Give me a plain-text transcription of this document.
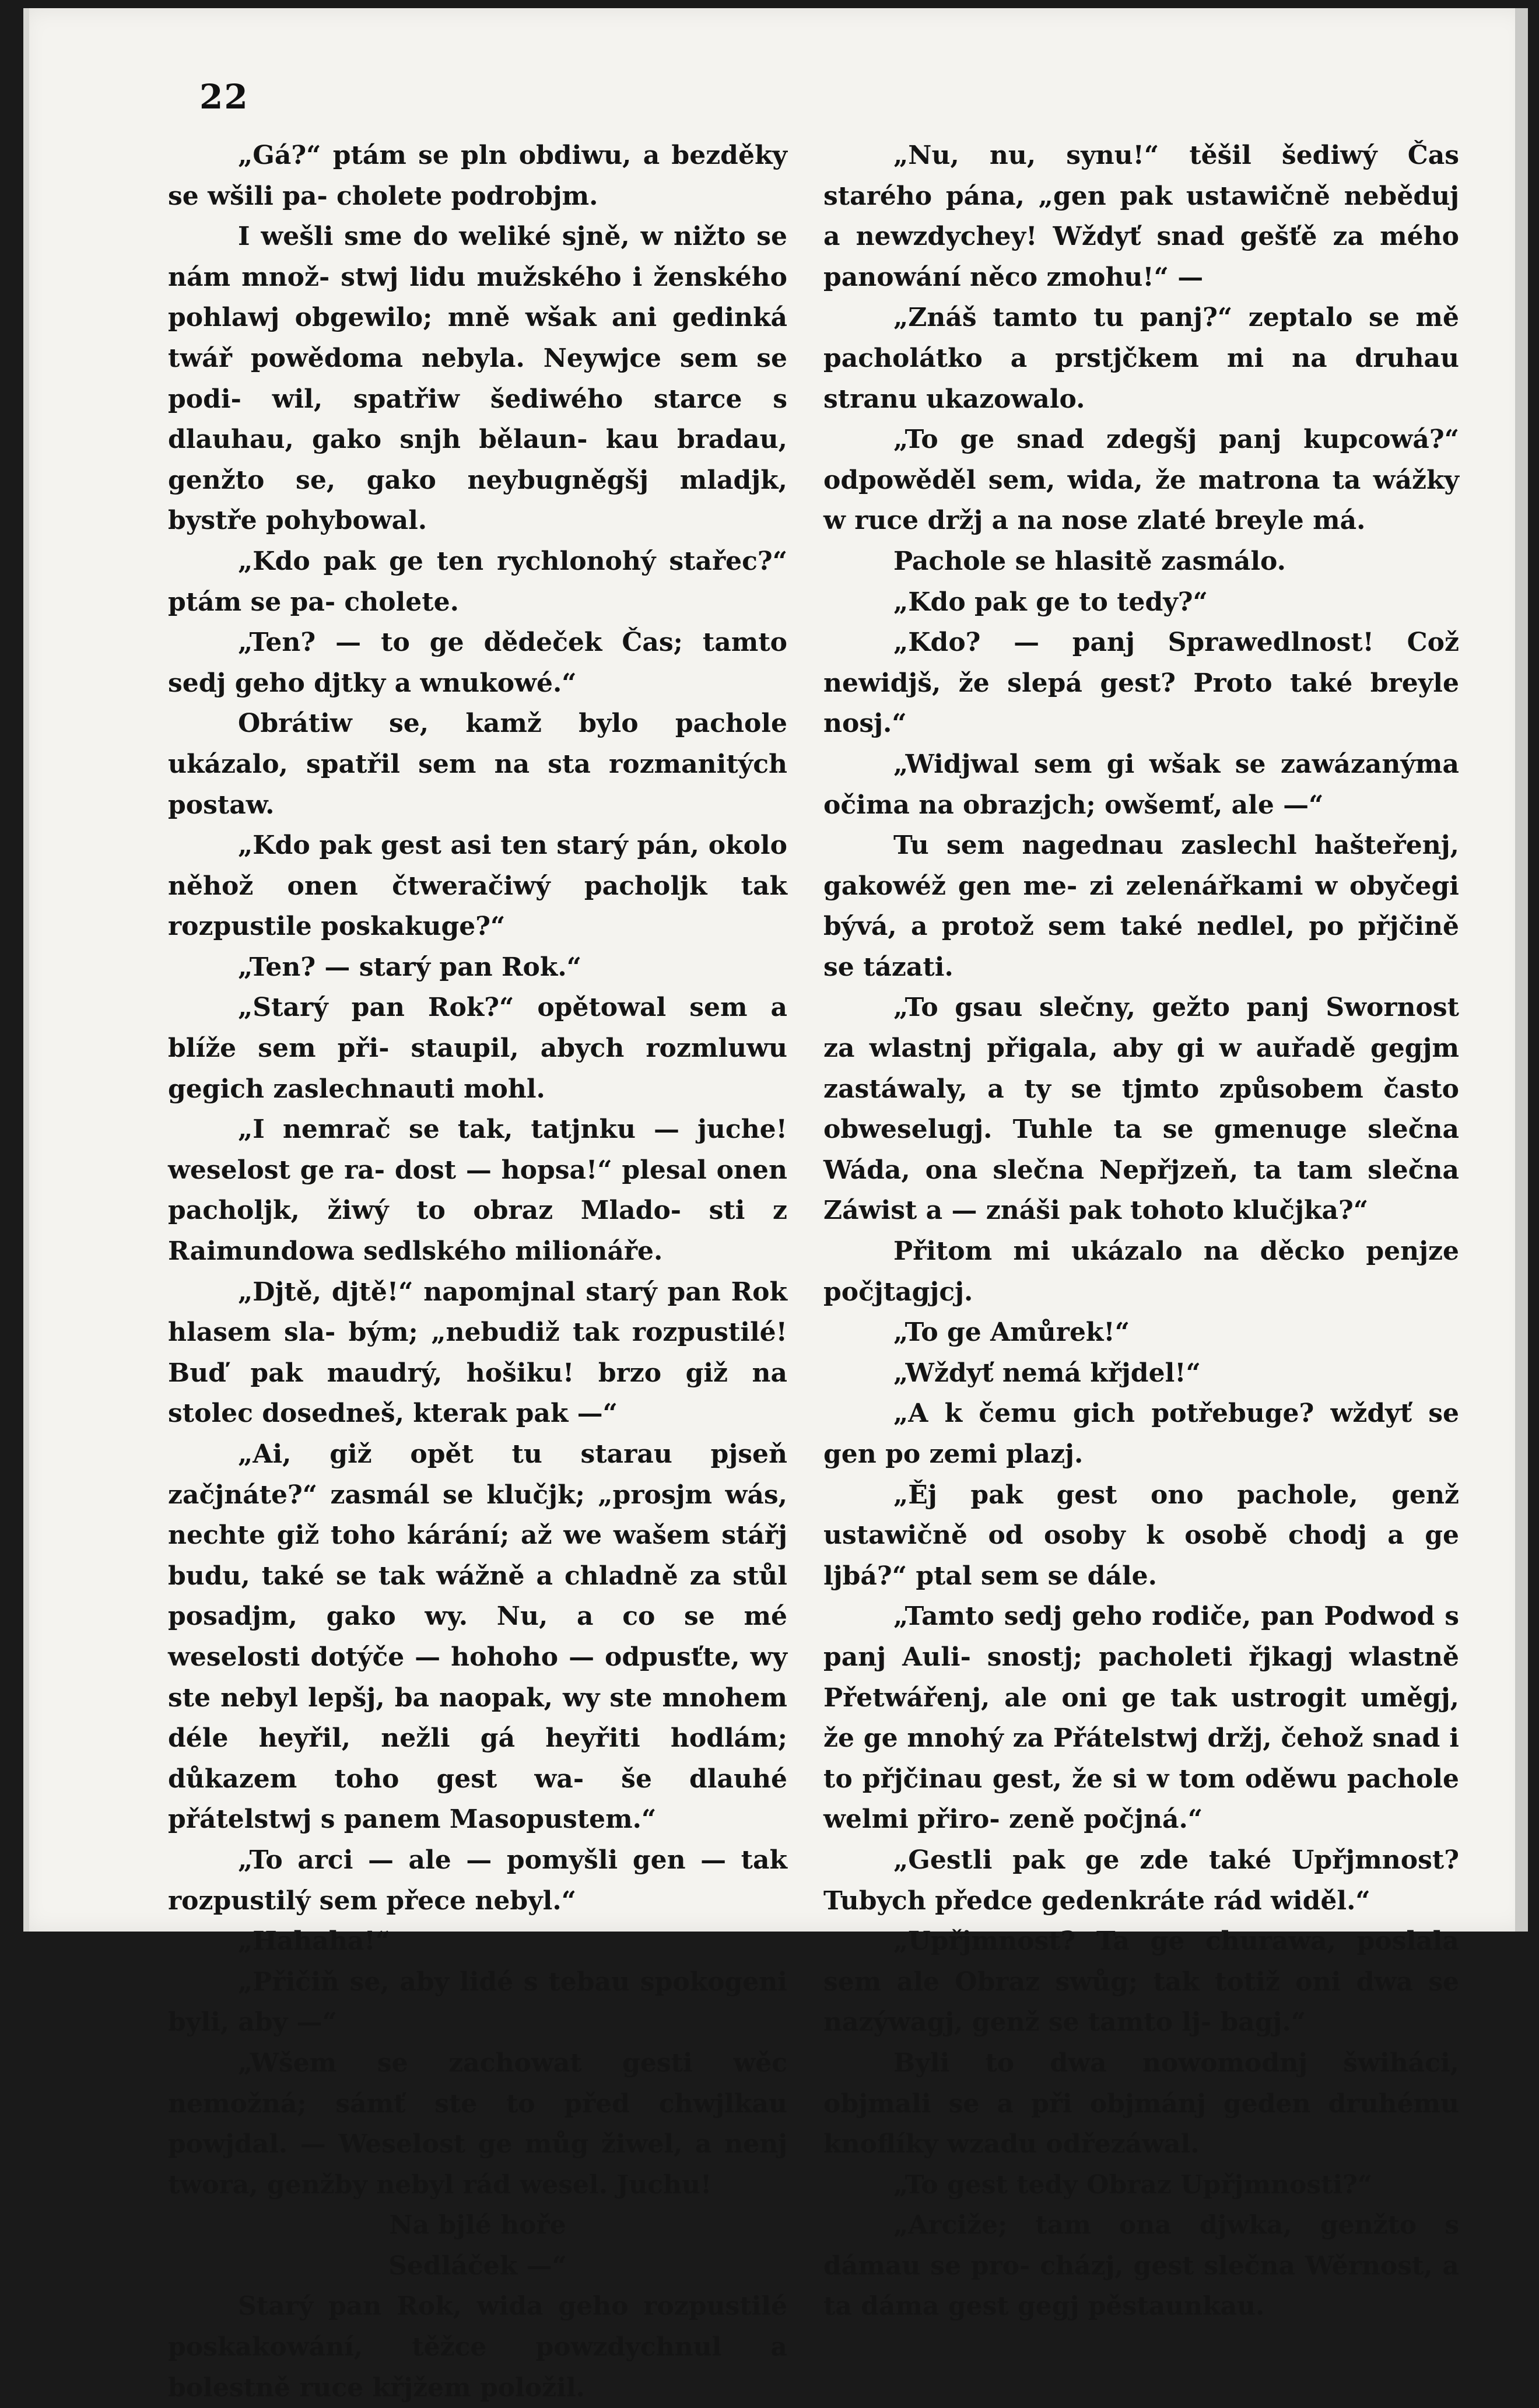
22

„Gá?“ ptám se pln obdiwu, a bezděky se wšili pa- cholete podrobjm.

I wešli sme do weliké sjně, w nižto se nám množ- stwj lidu mužského i ženského pohlawj obgewilo; mně wšak ani gedinká twář powědoma nebyla. Neywjce sem se podi- wil, spatřiw šediwého starce s dlauhau, gako snjh bělaun- kau bradau, genžto se, gako neybugněgšj mladjk, bystře pohybowal.

„Kdo pak ge ten rychlonohý stařec?“ ptám se pa- cholete.

„Ten? — to ge dědeček Čas; tamto sedj geho djtky a wnukowé.“

Obrátiw se, kamž bylo pachole ukázalo, spatřil sem na sta rozmanitých postaw.

„Kdo pak gest asi ten starý pán, okolo něhož onen čtweračiwý pacholjk tak rozpustile poskakuge?“

„Ten? — starý pan Rok.“

„Starý pan Rok?“ opětowal sem a blíže sem při- staupil, abych rozmluwu gegich zaslechnauti mohl.

„I nemrač se tak, tatjnku — juche! weselost ge ra- dost — hopsa!“ plesal onen pacholjk, žiwý to obraz Mlado- sti z Raimundowa sedlského milionáře.

„Djtě, djtě!“ napomjnal starý pan Rok hlasem sla- bým; „nebudiž tak rozpustilé! Buď pak maudrý, hošiku! brzo giž na stolec dosedneš, kterak pak —“

„Ai, giž opět tu starau pjseň začjnáte?“ zasmál se klučjk; „prosjm wás, nechte giž toho kárání; až we wašem stářj budu, také se tak wážně a chladně za stůl posadjm, gako wy. Nu, a co se mé weselosti dotýče — hohoho — odpusťte, wy ste nebyl lepšj, ba naopak, wy ste mnohem déle heyřil, nežli gá heyřiti hodlám; důkazem toho gest wa- še dlauhé přátelstwj s panem Masopustem.“

„To arci — ale — pomyšli gen — tak rozpustilý sem přece nebyl.“

„Hahaha!“

„Přičiň se, aby lidé s tebau spokogeni byli, aby —“

„Wšem se zachowat gesti wěc nemožná; sámť ste to před chwjlkau powjdal. — Weselost ge můg žiwel, a nenj twora, genžby nebyl rád wesel. Juchu!

Na bjlé hoře

Sedláček —“

Starý pan Rok, wida geho rozpustilé poskakowání, těžce powzdychnul a bolestně ruce křjžem položil.

„Nu, nu, synu!“ těšil šediwý Čas starého pána, „gen pak ustawičně neběduj a newzdychey! Wždyť snad gešťě za mého panowání něco zmohu!“ —

„Znáš tamto tu panj?“ zeptalo se mě pacholátko a prstjčkem mi na druhau stranu ukazowalo.

„To ge snad zdegšj panj kupcowá?“ odpowěděl sem, wida, že matrona ta wážky w ruce držj a na nose zlaté breyle má.

Pachole se hlasitě zasmálo.

„Kdo pak ge to tedy?“

„Kdo? — panj Sprawedlnost! Což newidjš, že slepá gest? Proto také breyle nosj.“

„Widjwal sem gi wšak se zawázanýma očima na obrazjch; owšemť, ale —“

Tu sem nagednau zaslechl hašteřenj, gakowéž gen me- zi zelenářkami w obyčegi bývá, a protož sem také nedlel, po přjčině se tázati.

„To gsau slečny, gežto panj Swornost za wlastnj přigala, aby gi w auřadě gegjm zastáwaly, a ty se tjmto způsobem často obweselugj. Tuhle ta se gmenuge slečna Wáda, ona slečna Nepřjzeň, ta tam slečna Záwist a — znáši pak tohoto klučjka?“

Přitom mi ukázalo na děcko penjze počjtagjcj.

„To ge Amůrek!“

„Wždyť nemá křjdel!“

„A k čemu gich potřebuge? wždyť se gen po zemi plazj.

„Ěj pak gest ono pachole, genž ustawičně od osoby k osobě chodj a ge ljbá?“ ptal sem se dále.

„Tamto sedj geho rodiče, pan Podwod s panj Auli- snostj; pacholeti řjkagj wlastně Přetwářenj, ale oni ge tak ustrogit uměgj, že ge mnohý za Přátelstwj držj, čehož snad i to přjčinau gest, že si w tom oděwu pachole welmi přiro- zeně počjná.“

„Gestli pak ge zde také Upřjmnost? Tubych předce gedenkráte rád widěl.“

„Upřjmnost? Ta ge churawa, poslala sem ale Obraz swůg; tak totiž oni dwa se nazýwagj, genž se tamto lj- bagj.“

Byli to dwa nowomodnj šwiháci, objmali se a při objmánj geden druhému knoflíky wzadu odřezáwal.

„To gest tedy Obraz Upřjmnosti?“

„Arciže; tam ona djwka, genžto s dámau se pro- cházj, gest slečna Wěrnost, a ta dáma gest gegj pěstaunkau.
